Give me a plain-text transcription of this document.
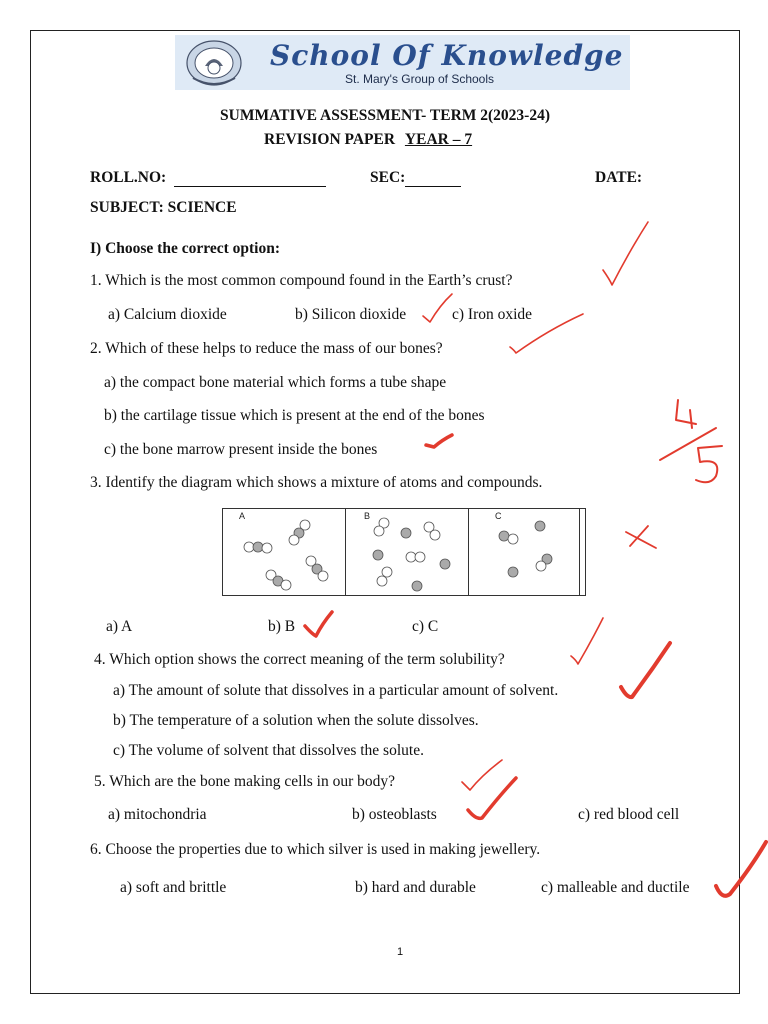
School Of Knowledge
St. Mary's Group of Schools
SUMMATIVE ASSESSMENT- TERM 2(2023-24)
REVISION PAPER YEAR – 7
ROLL.NO:	SEC:	DATE:
SUBJECT: SCIENCE
I) Choose the correct option:
1. Which is the most common compound found in the Earth’s crust?
a) Calcium dioxide	b) Silicon dioxide	c) Iron oxide
2. Which of these helps to reduce the mass of our bones?
a) the compact bone material which forms a tube shape
b) the cartilage tissue which is present at the end of the bones
c) the bone marrow present inside the bones
3. Identify the diagram which shows a mixture of atoms and compounds.
A	B	C
a) A	b) B	c) C
4. Which option shows the correct meaning of the term solubility?
a) The amount of solute that dissolves in a particular amount of solvent.
b) The temperature of a solution when the solute dissolves.
c) The volume of solvent that dissolves the solute.
5. Which are the bone making cells in our body?
a) mitochondria	b) osteoblasts	c) red blood cell
6. Choose the properties due to which silver is used in making jewellery.
a) soft and brittle	b) hard and durable	c) malleable and ductile
1
